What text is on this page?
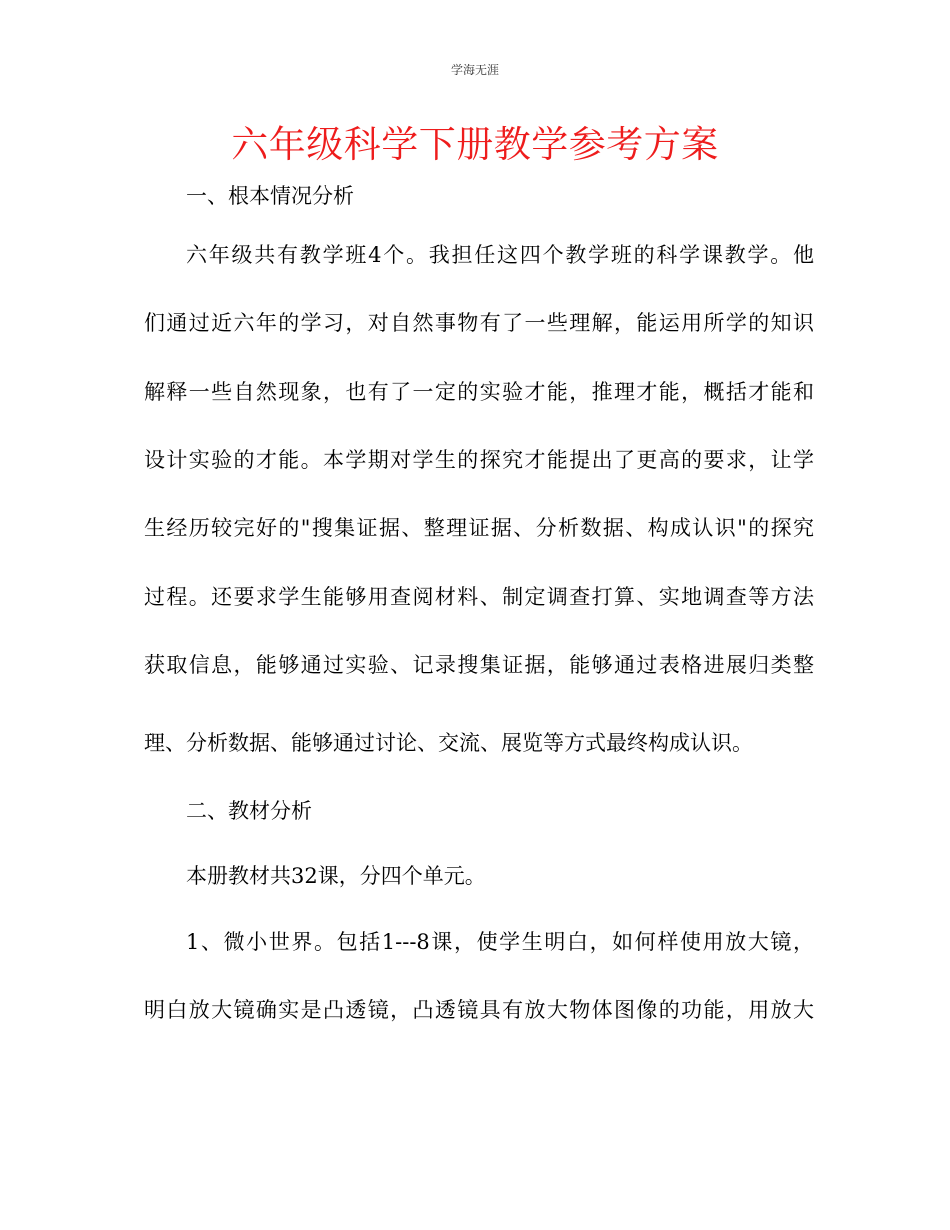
学海无涯
六年级科学下册教学参考方案
一、根本情况分析
六年级共有教学班4个。我担任这四个教学班的科学课教学。他
们通过近六年的学习，对自然事物有了一些理解，能运用所学的知识
解释一些自然现象，也有了一定的实验才能，推理才能，概括才能和
设计实验的才能。本学期对学生的探究才能提出了更高的要求，让学
生经历较完好的"搜集证据、整理证据、分析数据、构成认识"的探究
过程。还要求学生能够用查阅材料、制定调查打算、实地调查等方法
获取信息，能够通过实验、记录搜集证据，能够通过表格进展归类整
理、分析数据、能够通过讨论、交流、展览等方式最终构成认识。
二、教材分析
本册教材共32课，分四个单元。
1、微小世界。包括1---8课，使学生明白，如何样使用放大镜，
明白放大镜确实是凸透镜，凸透镜具有放大物体图像的功能，用放大
